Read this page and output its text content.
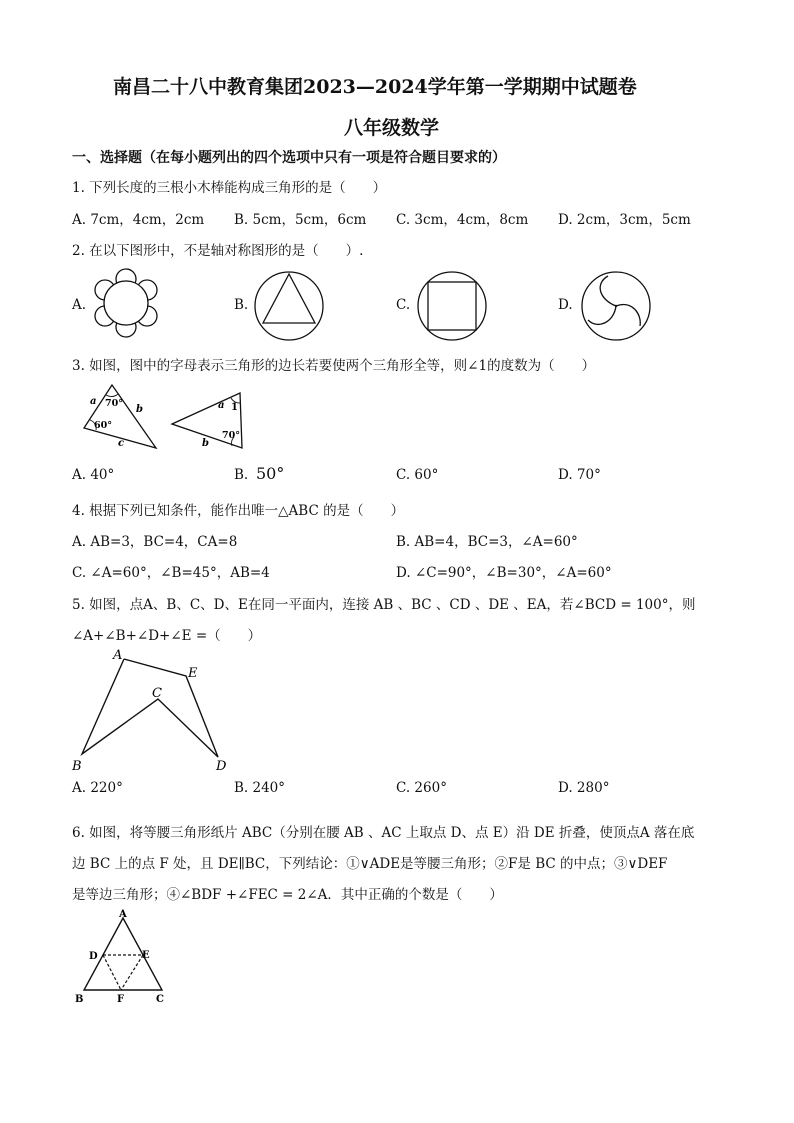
南昌二十八中教育集团2023—2024学年第一学期期中试题卷
八年级数学
一、选择题（在每小题列出的四个选项中只有一项是符合题目要求的）
1. 下列长度的三根小木棒能构成三角形的是（　　）
A. 7cm，4cm，2cm B. 5cm，5cm，6cm C. 3cm，4cm，8cm D. 2cm，3cm，5cm
2. 在以下图形中，不是轴对称图形的是（　　）.
A.	B.	C.	D.
3. 如图，图中的字母表示三角形的边长若要使两个三角形全等，则∠1的度数为（　　）
a 70°
b
60°
c
1
70°
b
a
A. 40°	B. 50°	C. 60°	D. 70°
4. 根据下列已知条件，能作出唯一△ABC 的是（　　）
A. AB=3，BC=4，CA=8	B. AB=4，BC=3，∠A=60°
C. ∠A=60°，∠B=45°，AB=4	D. ∠C=90°，∠B=30°，∠A=60°
5. 如图，点A、B、C、D、E在同一平面内，连接 AB 、BC 、CD 、DE 、EA，若∠BCD = 100°，则
∠A+∠B+∠D+∠E =（　　）
A
E
C
B	D
A. 220°	B. 240°	C. 260°	D. 280°
6. 如图，将等腰三角形纸片 ABC（分别在腰 AB 、AC 上取点 D、点 E）沿 DE 折叠，使顶点A 落在底
边 BC 上的点 F 处，且 DE∥BC，下列结论：①∨ADE是等腰三角形；②F是 BC 的中点；③∨DEF
是等边三角形；④∠BDF +∠FEC = 2∠A．其中正确的个数是（　　）
A
D	E
B	F	C
